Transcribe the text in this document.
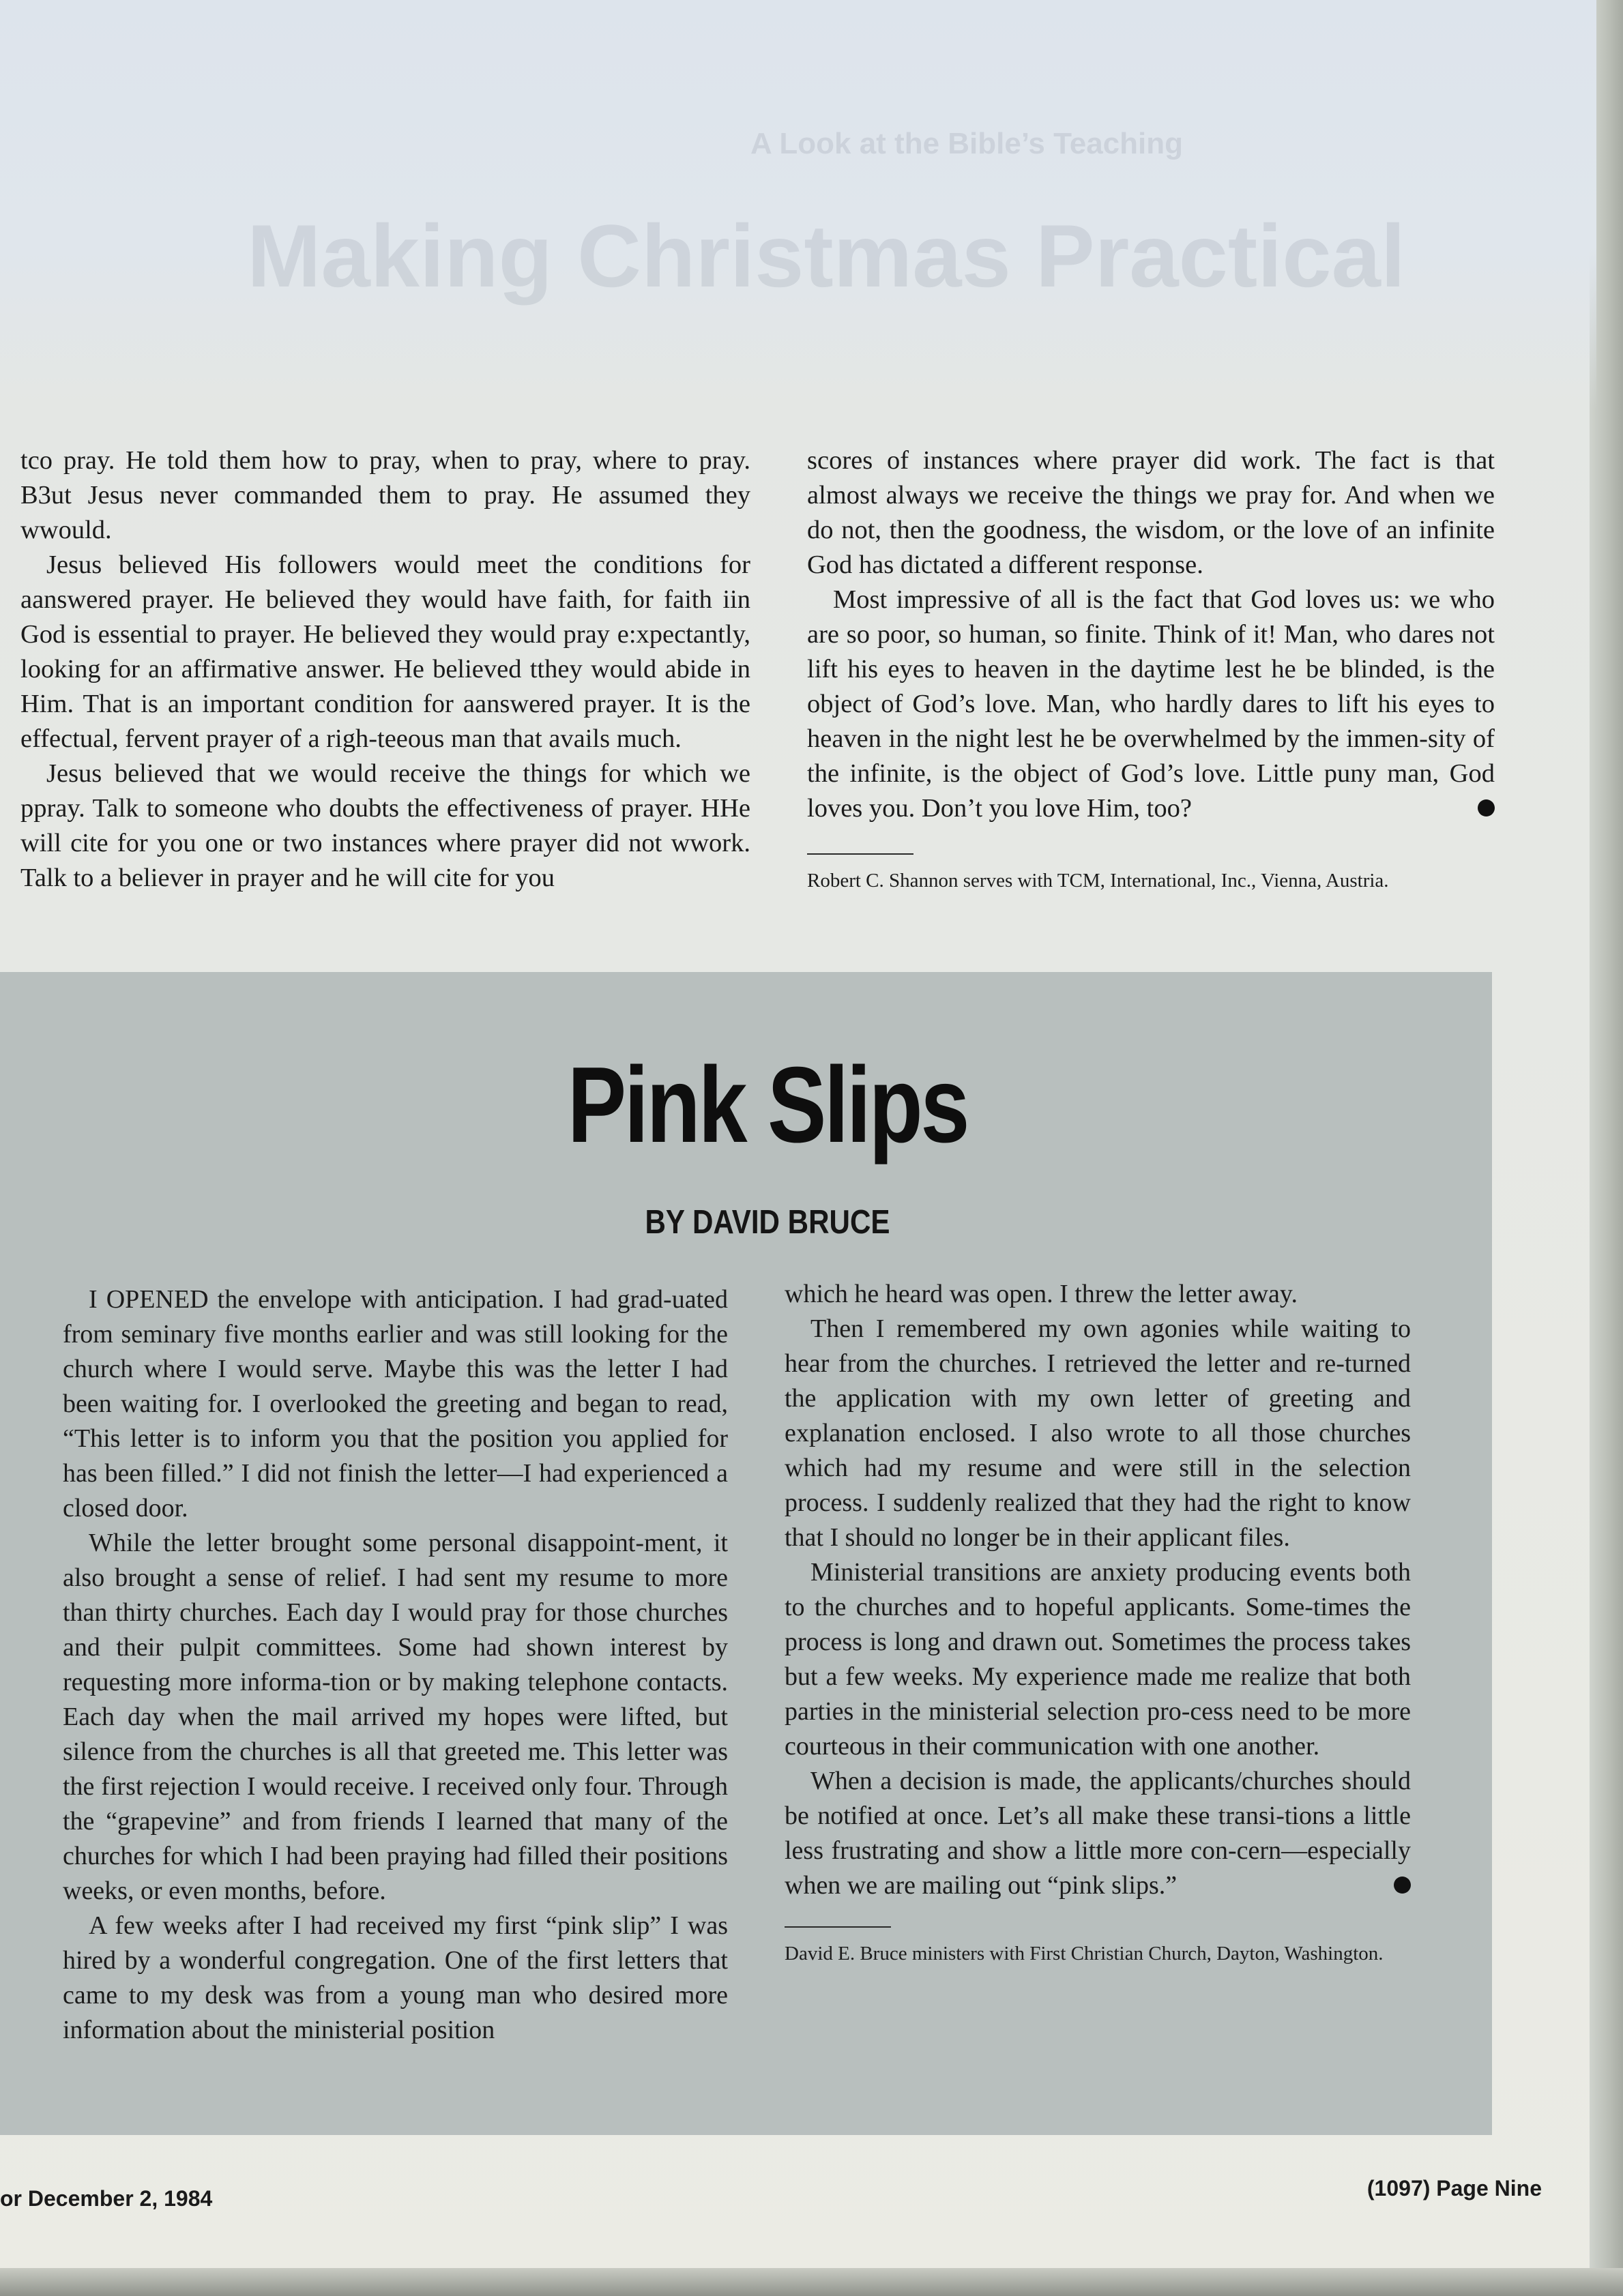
A Look at the Bible’s Teaching
Making Christmas Practical

tco pray. He told them how to pray, when to pray, where to pray. B3ut Jesus never commanded them to pray. He assumed they wwould.

Jesus believed His followers would meet the conditions for aanswered prayer. He believed they would have faith, for faith iin God is essential to prayer. He believed they would pray e:xpectantly, looking for an affirmative answer. He believed tthey would abide in Him. That is an important condition for aanswered prayer. It is the effectual, fervent prayer of a righ-teeous man that avails much.

Jesus believed that we would receive the things for which we ppray. Talk to someone who doubts the effectiveness of prayer. HHe will cite for you one or two instances where prayer did not wwork. Talk to a believer in prayer and he will cite for you

scores of instances where prayer did work. The fact is that almost always we receive the things we pray for. And when we do not, then the goodness, the wisdom, or the love of an infinite God has dictated a different response.

Most impressive of all is the fact that God loves us: we who are so poor, so human, so finite. Think of it! Man, who dares not lift his eyes to heaven in the daytime lest he be blinded, is the object of God’s love. Man, who hardly dares to lift his eyes to heaven in the night lest he be overwhelmed by the immen-sity of the infinite, is the object of God’s love. Little puny man, God loves you. Don’t you love Him, too?

Robert C. Shannon serves with TCM, International, Inc., Vienna, Austria.
Pink Slips
BY DAVID BRUCE

I OPENED the envelope with anticipation. I had grad-uated from seminary five months earlier and was still looking for the church where I would serve. Maybe this was the letter I had been waiting for. I overlooked the greeting and began to read, “This letter is to inform you that the position you applied for has been filled.” I did not finish the letter—I had experienced a closed door.

While the letter brought some personal disappoint-ment, it also brought a sense of relief. I had sent my resume to more than thirty churches. Each day I would pray for those churches and their pulpit committees. Some had shown interest by requesting more informa-tion or by making telephone contacts. Each day when the mail arrived my hopes were lifted, but silence from the churches is all that greeted me. This letter was the first rejection I would receive. I received only four. Through the “grapevine” and from friends I learned that many of the churches for which I had been praying had filled their positions weeks, or even months, before.

A few weeks after I had received my first “pink slip” I was hired by a wonderful congregation. One of the first letters that came to my desk was from a young man who desired more information about the ministerial position

which he heard was open. I threw the letter away.

Then I remembered my own agonies while waiting to hear from the churches. I retrieved the letter and re-turned the application with my own letter of greeting and explanation enclosed. I also wrote to all those churches which had my resume and were still in the selection process. I suddenly realized that they had the right to know that I should no longer be in their applicant files.

Ministerial transitions are anxiety producing events both to the churches and to hopeful applicants. Some-times the process is long and drawn out. Sometimes the process takes but a few weeks. My experience made me realize that both parties in the ministerial selection pro-cess need to be more courteous in their communication with one another.

When a decision is made, the applicants/churches should be notified at once. Let’s all make these transi-tions a little less frustrating and show a little more con-cern—especially when we are mailing out “pink slips.”

David E. Bruce ministers with First Christian Church, Dayton, Washington.
or December 2, 1984	(1097) Page Nine
